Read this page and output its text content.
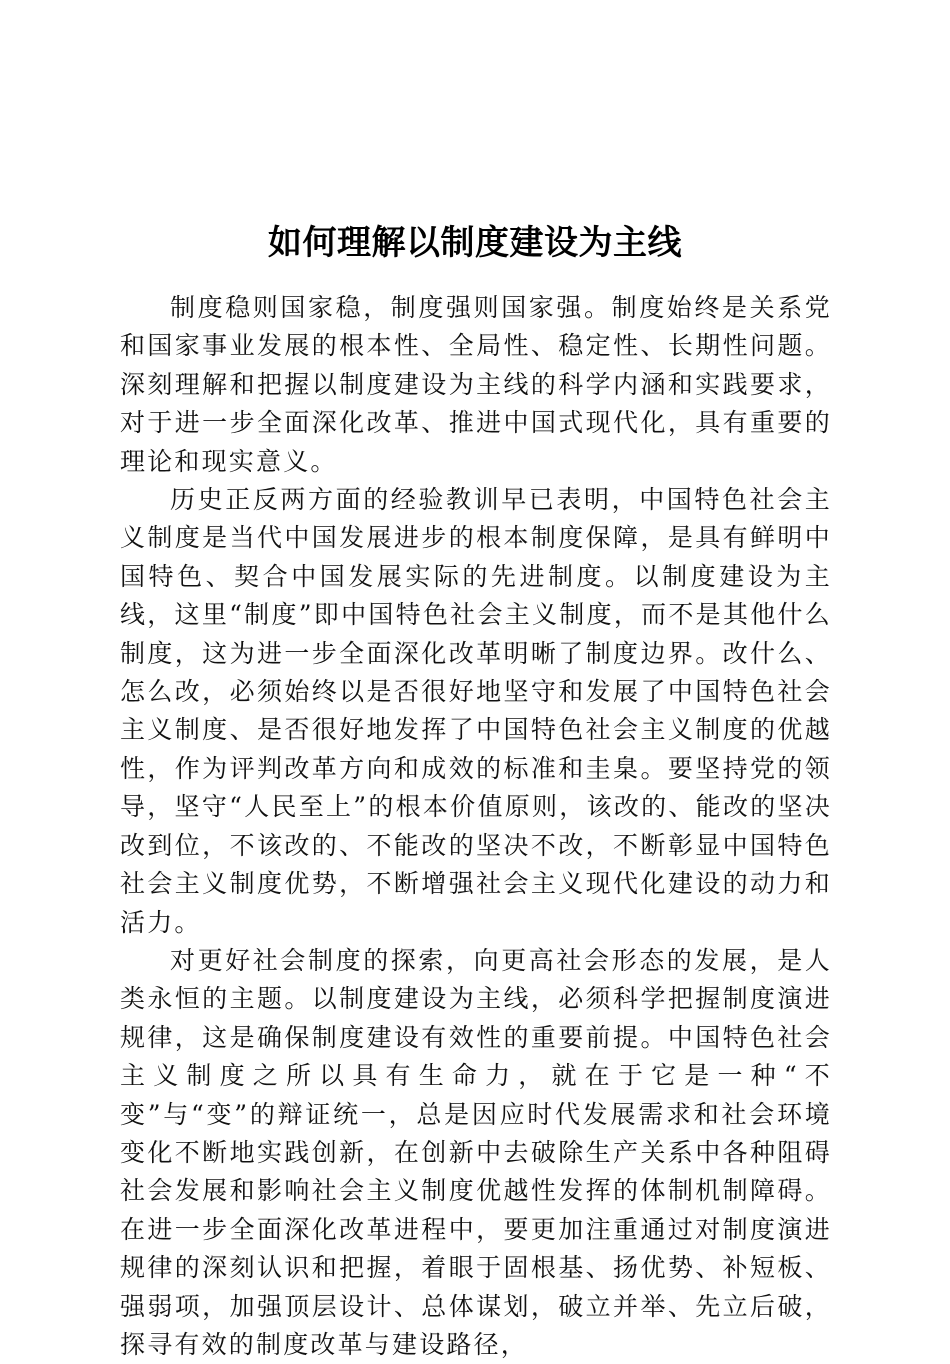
如何理解以制度建设为主线

制度稳则国家稳，制度强则国家强。制度始终是关系党和国家事业发展的根本性、全局性、稳定性、长期性问题。深刻理解和把握以制度建设为主线的科学内涵和实践要求，对于进一步全面深化改革、推进中国式现代化，具有重要的理论和现实意义。

历史正反两方面的经验教训早已表明，中国特色社会主义制度是当代中国发展进步的根本制度保障，是具有鲜明中国特色、契合中国发展实际的先进制度。以制度建设为主线，这里“制度”即中国特色社会主义制度，而不是其他什么制度，这为进一步全面深化改革明晰了制度边界。改什么、怎么改，必须始终以是否很好地坚守和发展了中国特色社会主义制度、是否很好地发挥了中国特色社会主义制度的优越性，作为评判改革方向和成效的标准和圭臬。要坚持党的领导，坚守“人民至上”的根本价值原则，该改的、能改的坚决改到位，不该改的、不能改的坚决不改，不断彰显中国特色社会主义制度优势，不断增强社会主义现代化建设的动力和活力。

对更好社会制度的探索，向更高社会形态的发展，是人类永恒的主题。以制度建设为主线，必须科学把握制度演进规律，这是确保制度建设有效性的重要前提。中国特色社会主义制度之所以具有生命力，就在于它是一种“不变”与“变”的辩证统一，总是因应时代发展需求和社会环境变化不断地实践创新，在创新中去破除生产关系中各种阻碍社会发展和影响社会主义制度优越性发挥的体制机制障碍。在进一步全面深化改革进程中，要更加注重通过对制度演进规律的深刻认识和把握，着眼于固根基、扬优势、补短板、强弱项，加强顶层设计、总体谋划，破立并举、先立后破，探寻有效的制度改革与建设路径，
